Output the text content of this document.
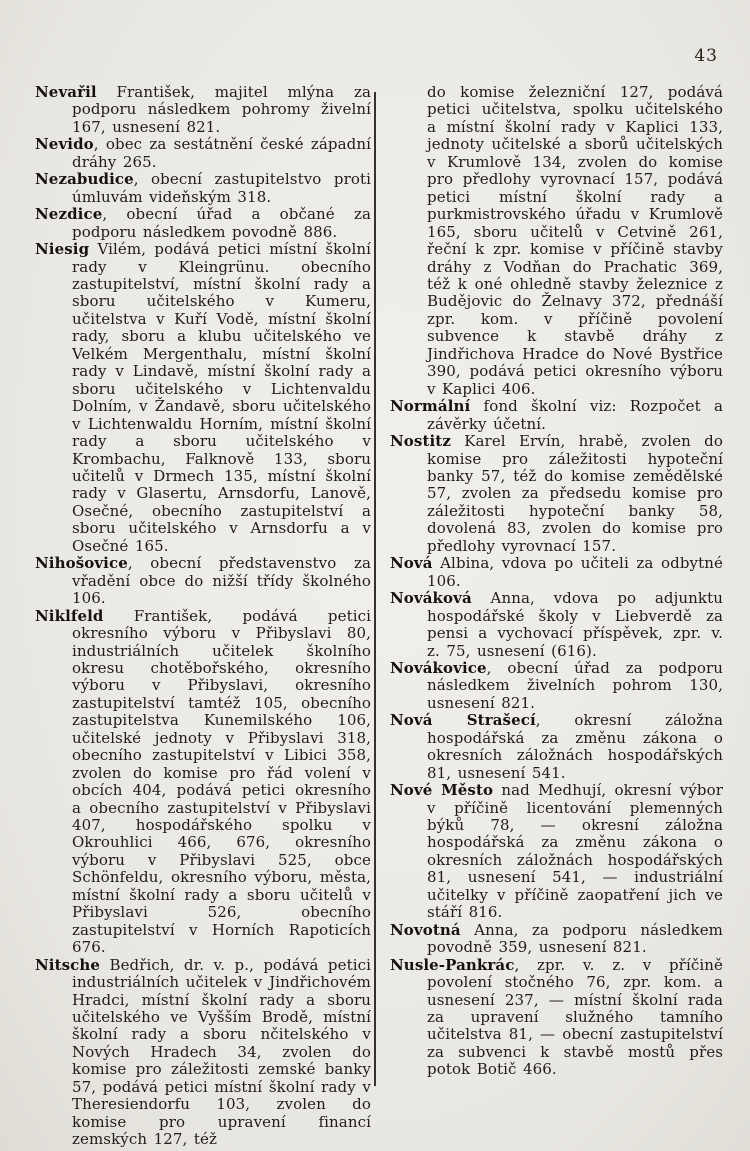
43

Nevařil František, majitel mlýna za podporu následkem pohromy živelní 167, usnesení 821.

Nevido, obec za sestátnění české západní dráhy 265.

Nezabudice, obecní zastupitelstvo proti úmluvám videňským 318.

Nezdice, obecní úřad a občané za podporu následkem povodně 886.

Niesig Vilém, podává petici místní školní rady v Kleingrünu. obecního zastupitelství, místní školní rady a sboru učitelského v Kumeru, učitelstva v Kuří Vodě, místní školní rady, sboru a klubu učitelského ve Velkém Mergenthalu, místní školní rady v Lindavě, místní školní rady a sboru učitelského v Lichtenvaldu Dolním, v Žandavě, sboru učitelského v Lichtenwaldu Horním, místní školní rady a sboru učitelského v Krombachu, Falknově 133, sboru učitelů v Drmech 135, místní školní rady v Glasertu, Arnsdorfu, Lanově, Osečné, obecního zastupitelství a sboru učitelského v Arnsdorfu a v Osečné 165.

Nihošovice, obecní představenstvo za vřadění obce do nižší třídy školného 106.

Niklfeld František, podává petici okresního výboru v Přibyslavi 80, industriálních učitelek školního okresu chotěbořského, okresního výboru v Přibyslavi, okresního zastupitelství tamtéž 105, obecního zastupitelstva Kunemilského 106, učitelské jednoty v Přibyslavi 318, obecního zastupitelství v Libici 358, zvolen do komise pro řád volení v obcích 404, podává petici okresního a obecního zastupitelství v Přibyslavi 407, hospodářského spolku v Okrouhlici 466, 676, okresního výboru v Přibyslavi 525, obce Schönfeldu, okresního výboru, města, místní školní rady a sboru učitelů v Přibyslavi 526, obecního zastupitelství v Horních Rapoticích 676.

Nitsche Bedřich, dr. v. p., podává petici industriálních učitelek v Jindřichovém Hradci, místní školní rady a sboru učitelského ve Vyšším Brodě, místní školní rady a sboru nčitelského v Nových Hradech 34, zvolen do komise pro záležitosti zemské banky 57, podává petici místní školní rady v Theresiendorfu 103, zvolen do komise pro upravení financí zemských 127, též

do komise železniční 127, podává petici učitelstva, spolku učitelského a místní školní rady v Kaplici 133, jednoty učitelské a sborů učitelských v Krumlově 134, zvolen do komise pro předlohy vyrovnací 157, podává petici místní školní rady a purkmistrovského úřadu v Krumlově 165, sboru učitelů v Cetvině 261, řeční k zpr. komise v příčině stavby dráhy z Vodňan do Prachatic 369, též k oné ohledně stavby železnice z Budějovic do Želnavy 372, přednáší zpr. kom. v příčině povolení subvence k stavbě dráhy z Jindřichova Hradce do Nové Bystřice 390, podává petici okresního výboru v Kaplici 406.

Normální fond školní viz: Rozpočet a závěrky účetní.

Nostitz Karel Ervín, hrabě, zvolen do komise pro záležitosti hypoteční banky 57, též do komise zemědělské 57, zvolen za předsedu komise pro záležitosti hypoteční banky 58, dovolená 83, zvolen do komise pro předlohy vyrovnací 157.

Nová Albina, vdova po učiteli za odbytné 106.

Nováková Anna, vdova po adjunktu hospodářské školy v Liebverdě za pensi a vychovací příspěvek, zpr. v. z. 75, usnesení (616).

Novákovice, obecní úřad za podporu následkem živelních pohrom 130, usnesení 821.

Nová Strašecí, okresní záložna hospodářská za změnu zákona o okresních záložnách hospodářských 81, usnesení 541.

Nové Město nad Medhují, okresní výbor v příčině licentování plemenných býků 78, — okresní záložna hospodářská za změnu zákona o okresních záložnách hospodářských 81, usnesení 541, — industriální učitelky v příčině zaopatření jich ve stáří 816.

Novotná Anna, za podporu následkem povodně 359, usnesení 821.

Nusle-Pankrác, zpr. v. z. v příčině povolení stočného 76, zpr. kom. a usnesení 237, — místní školní rada za upravení služného tamního učitelstva 81, — obecní zastupitelství za subvenci k stavbě mostů přes potok Botič 466.
